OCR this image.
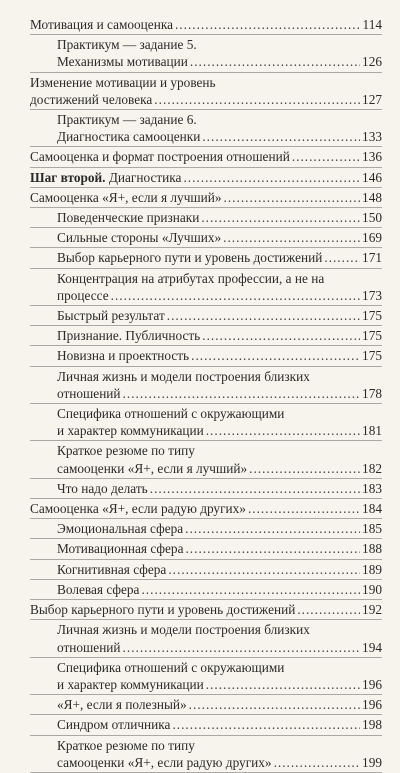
Мотивация и самооценка .....	114
Практикум — задание 5.
Механизмы мотивации .....	126
Изменение мотивации и уровень
достижений человека .....	127
Практикум — задание 6.
Диагностика самооценки .....	133
Самооценка и формат построения отношений .....	136
Шаг второй. Диагностика .....	146
Самооценка «Я+, если я лучший» .....	148
Поведенческие признаки .....	150
Сильные стороны «Лучших» .....	169
Выбор карьерного пути и уровень достижений .....	171
Концентрация на атрибутах профессии, а не на
процессе .....	173
Быстрый результат .....	175
Признание. Публичность .....	175
Новизна и проектность .....	175
Личная жизнь и модели построения близких
отношений .....	178
Специфика отношений с окружающими
и характер коммуникации .....	181
Краткое резюме по типу
самооценки «Я+, если я лучший» .....	182
Что надо делать .....	183
Самооценка «Я+, если радую других» .....	184
Эмоциональная сфера .....	185
Мотивационная сфера .....	188
Когнитивная сфера .....	189
Волевая сфера .....	190
Выбор карьерного пути и уровень достижений .....	192
Личная жизнь и модели построения близких
отношений .....	194
Специфика отношений с окружающими
и характер коммуникации .....	196
«Я+, если я полезный» .....	196
Синдром отличника .....	198
Краткое резюме по типу
самооценки «Я+, если радую других» .....	199
